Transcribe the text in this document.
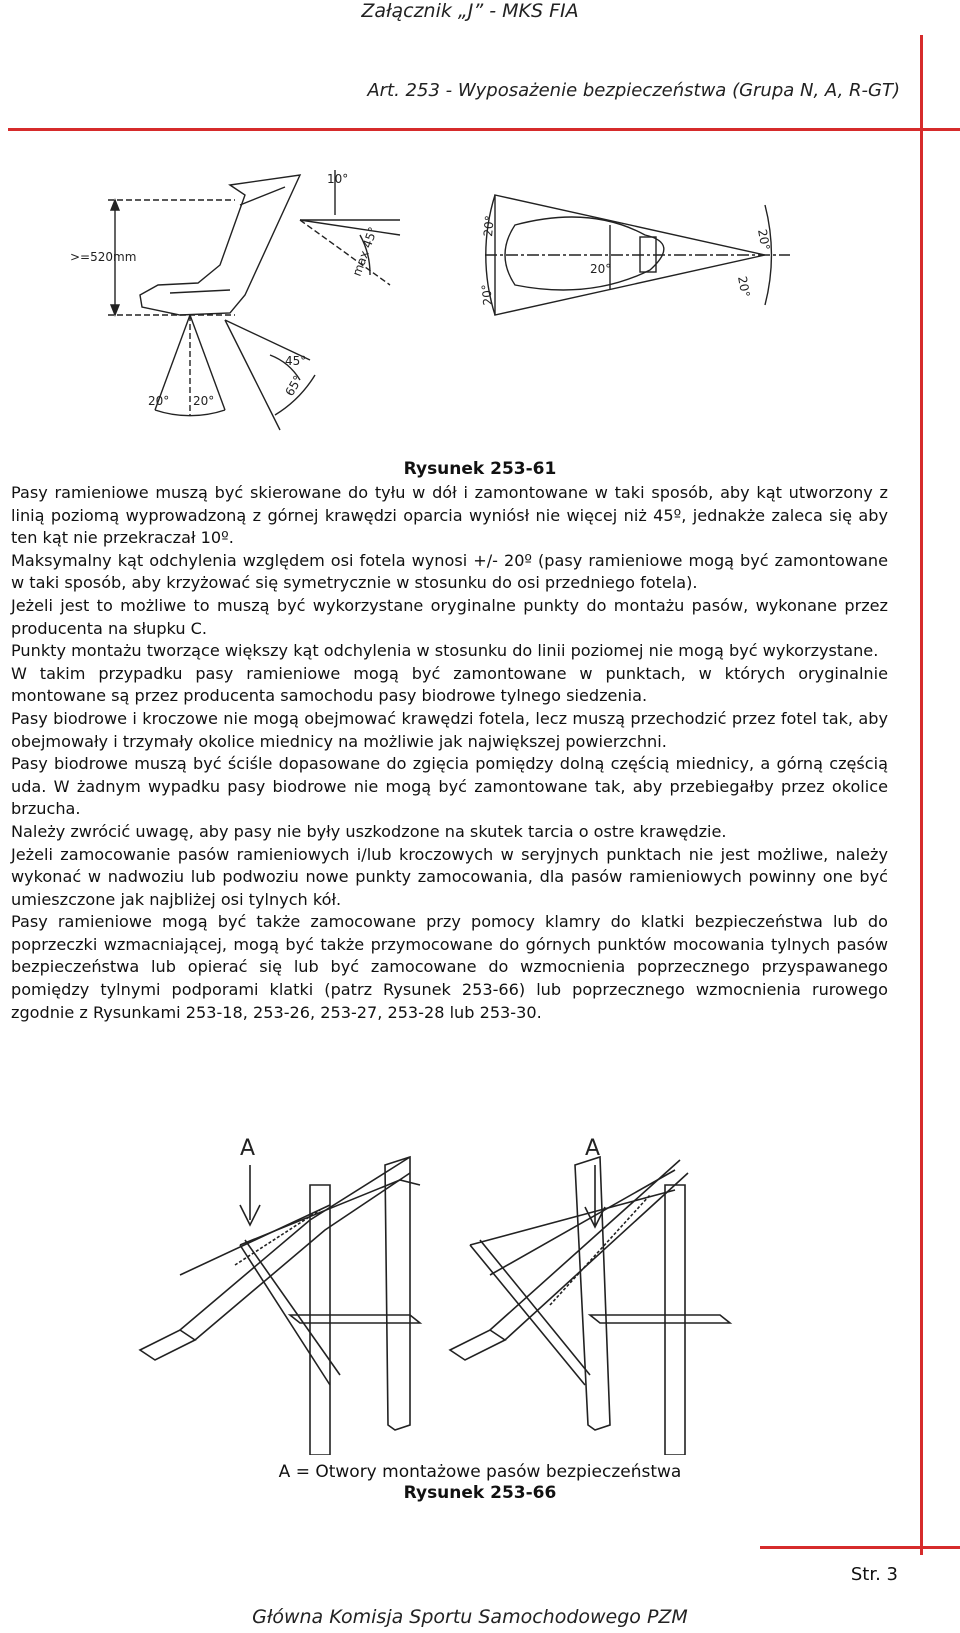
Załącznik „J” - MKS FIA
Art. 253 - Wyposażenie bezpieczeństwa (Grupa N, A, R-GT)
>=520mm
10°
max 45°
45°
65°
20° 20°
20°
20°
20°
20°
20°
Rysunek 253-61

Pasy ramieniowe muszą być skierowane do tyłu w dół i zamontowane w taki sposób, aby kąt utworzony z linią poziomą wyprowadzoną z górnej krawędzi oparcia wyniósł nie więcej niż 45º, jednakże zaleca się aby ten kąt nie przekraczał 10º.

Maksymalny kąt odchylenia względem osi fotela wynosi +/- 20º (pasy ramieniowe mogą być zamontowane w taki sposób, aby krzyżować się symetrycznie w stosunku do osi przedniego fotela).

Jeżeli jest to możliwe to muszą być wykorzystane oryginalne punkty do montażu pasów, wykonane przez producenta na słupku C.

Punkty montażu tworzące większy kąt odchylenia w stosunku do linii poziomej nie mogą być wykorzystane.

W takim przypadku pasy ramieniowe mogą być zamontowane w punktach, w których oryginalnie montowane są przez producenta samochodu pasy biodrowe tylnego siedzenia.

Pasy biodrowe i kroczowe nie mogą obejmować krawędzi fotela, lecz muszą przechodzić przez fotel tak, aby obejmowały i trzymały okolice miednicy na możliwie jak największej powierzchni.

Pasy biodrowe muszą być ściśle dopasowane do zgięcia pomiędzy dolną częścią miednicy, a górną częścią uda. W żadnym wypadku pasy biodrowe nie mogą być zamontowane tak, aby przebiegałby przez okolice brzucha.

Należy zwrócić uwagę, aby pasy nie były uszkodzone na skutek tarcia o ostre krawędzie.

Jeżeli zamocowanie pasów ramieniowych i/lub kroczowych w seryjnych punktach nie jest możliwe, należy wykonać w nadwoziu lub podwoziu nowe punkty zamocowania, dla pasów ramieniowych powinny one być umieszczone jak najbliżej osi tylnych kół.

Pasy ramieniowe mogą być także zamocowane przy pomocy klamry do klatki bezpieczeństwa lub do poprzeczki wzmacniającej, mogą być także przymocowane do górnych punktów mocowania tylnych pasów bezpieczeństwa lub opierać się lub być zamocowane do wzmocnienia poprzecznego przyspawanego pomiędzy tylnymi podporami klatki (patrz Rysunek 253-66) lub poprzecznego wzmocnienia rurowego zgodnie z Rysunkami 253-18, 253-26, 253-27, 253-28 lub 253-30.

A	A
A = Otwory montażowe pasów bezpieczeństwa
Rysunek 253-66
Str. 3
Główna Komisja Sportu Samochodowego PZM
